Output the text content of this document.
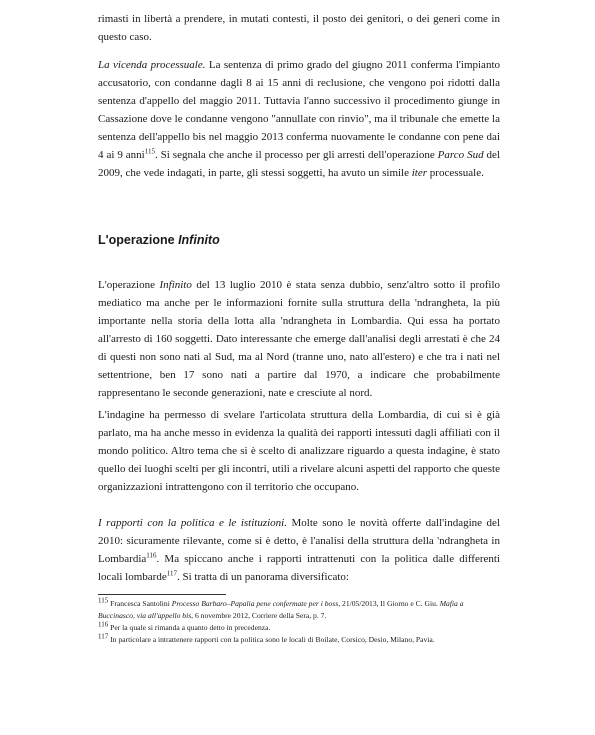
rimasti in libertà a prendere, in mutati contesti, il posto dei genitori, o dei generi come in questo caso.

La vicenda processuale. La sentenza di primo grado del giugno 2011 conferma l'impianto accusatorio, con condanne dagli 8 ai 15 anni di reclusione, che vengono poi ridotti dalla sentenza d'appello del maggio 2011. Tuttavia l'anno successivo il procedimento giunge in Cassazione dove le condanne vengono "annullate con rinvio", ma il tribunale che emette la sentenza dell'appello bis nel maggio 2013 conferma nuovamente le condanne con pene dai 4 ai 9 anni$^{115}$. Si segnala che anche il processo per gli arresti dell'operazione Parco Sud del 2009, che vede indagati, in parte, gli stessi soggetti, ha avuto un simile iter processuale.

L'operazione Infinito

L'operazione Infinito del 13 luglio 2010 è stata senza dubbio, senz'altro sotto il profilo mediatico ma anche per le informazioni fornite sulla struttura della 'ndrangheta, la più importante nella storia della lotta alla 'ndrangheta in Lombardia. Qui essa ha portato all'arresto di 160 soggetti. Dato interessante che emerge dall'analisi degli arrestati è che 24 di questi non sono nati al Sud, ma al Nord (tranne uno, nato all'estero) e che tra i nati nel settentrione, ben 17 sono nati a partire dal 1970, a indicare che probabilmente rappresentano le seconde generazioni, nate e cresciute al nord.

L'indagine ha permesso di svelare l'articolata struttura della Lombardia, di cui si è già parlato, ma ha anche messo in evidenza la qualità dei rapporti intessuti dagli affiliati con il mondo politico. Altro tema che si è scelto di analizzare riguardo a questa indagine, è stato quello dei luoghi scelti per gli incontri, utili a rivelare alcuni aspetti del rapporto che queste organizzazioni intrattengono con il territorio che occupano.

I rapporti con la politica e le istituzioni. Molte sono le novità offerte dall'indagine del 2010: sicuramente rilevante, come si è detto, è l'analisi della struttura della 'ndrangheta in Lombardia$^{116}$. Ma spiccano anche i rapporti intrattenuti con la politica dalle differenti locali lombarde$^{117}$. Si tratta di un panorama diversificato:

$^{115}$ Francesca Santolini Processo Barbaro–Papalia pene confermate per i boss, 21/05/2013, Il Giorno e C. Giu. Mafia a Buccinasco, via all'appello bis, 6 novembre 2012, Corriere della Sera, p. 7.
$^{116}$ Per la quale si rimanda a quanto detto in precedenza.
$^{117}$ In particolare a intrattenere rapporti con la politica sono le locali di Boilate, Corsico, Desio, Milano, Pavia.
